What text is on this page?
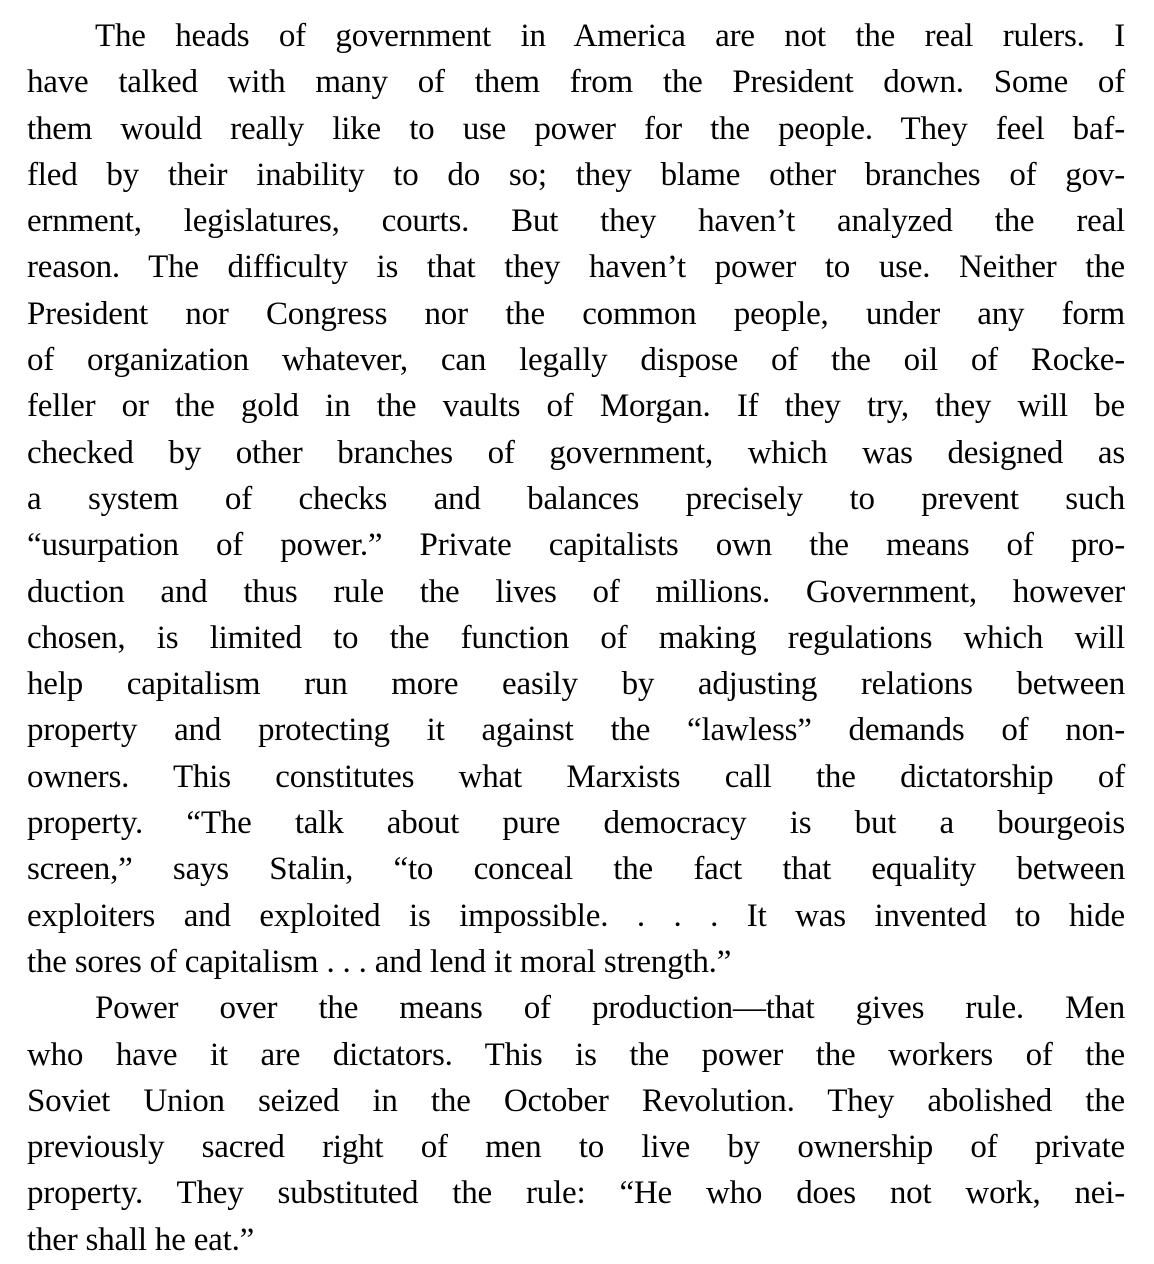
The heads of government in America are not the real rulers. I
have talked with many of them from the President down. Some of
them would really like to use power for the people. They feel baf-
fled by their inability to do so; they blame other branches of gov-
ernment, legislatures, courts. But they haven’t analyzed the real
reason. The difficulty is that they haven’t power to use. Neither the
President nor Congress nor the common people, under any form
of organization whatever, can legally dispose of the oil of Rocke-
feller or the gold in the vaults of Morgan. If they try, they will be
checked by other branches of government, which was designed as
a system of checks and balances precisely to prevent such
“usurpation of power.” Private capitalists own the means of pro-
duction and thus rule the lives of millions. Government, however
chosen, is limited to the function of making regulations which will
help capitalism run more easily by adjusting relations between
property and protecting it against the “lawless” demands of non-
owners. This constitutes what Marxists call the dictatorship of
property. “The talk about pure democracy is but a bourgeois
screen,” says Stalin, “to conceal the fact that equality between
exploiters and exploited is impossible. . . . It was invented to hide
the sores of capitalism . . . and lend it moral strength.”
Power over the means of production—that gives rule. Men
who have it are dictators. This is the power the workers of the
Soviet Union seized in the October Revolution. They abolished the
previously sacred right of men to live by ownership of private
property. They substituted the rule: “He who does not work, nei-
ther shall he eat.”
